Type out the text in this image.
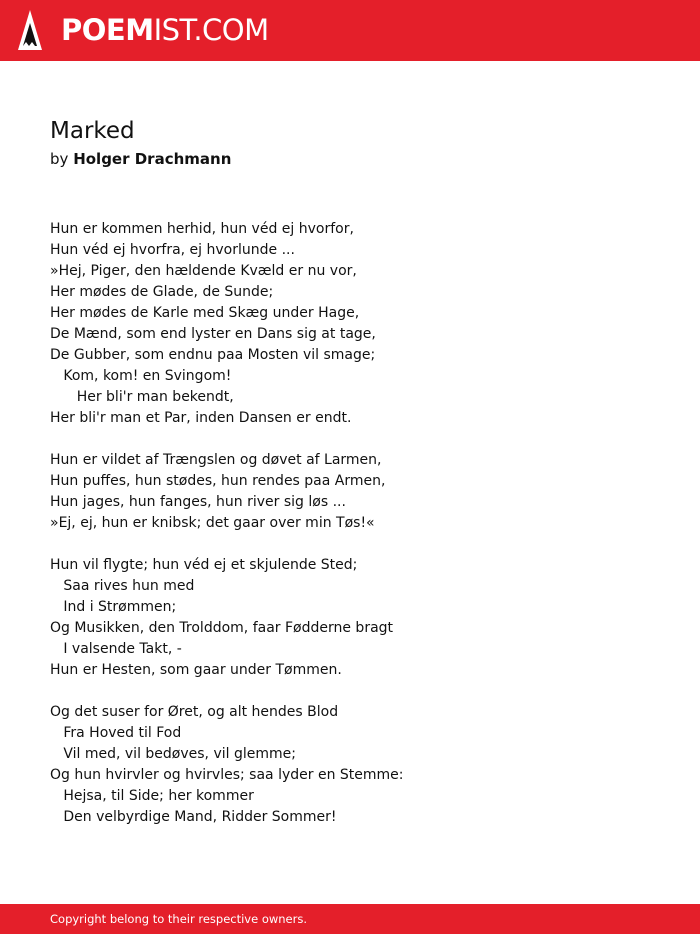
POEMIST.COM
Marked
by Holger Drachmann
Hun er kommen herhid, hun véd ej hvorfor,
Hun véd ej hvorfra, ej hvorlunde ...
»Hej, Piger, den hældende Kvæld er nu vor,
Her mødes de Glade, de Sunde;
Her mødes de Karle med Skæg under Hage,
De Mænd, som end lyster en Dans sig at tage,
De Gubber, som endnu paa Mosten vil smage;
Kom, kom! en Svingom!
Her bli'r man bekendt,
Her bli'r man et Par, inden Dansen er endt.
Hun er vildet af Trængslen og døvet af Larmen,
Hun puffes, hun stødes, hun rendes paa Armen,
Hun jages, hun fanges, hun river sig løs ...
»Ej, ej, hun er knibsk; det gaar over min Tøs!«
Hun vil flygte; hun véd ej et skjulende Sted;
Saa rives hun med
Ind i Strømmen;
Og Musikken, den Trolddom, faar Fødderne bragt
I valsende Takt, -
Hun er Hesten, som gaar under Tømmen.
Og det suser for Øret, og alt hendes Blod
Fra Hoved til Fod
Vil med, vil bedøves, vil glemme;
Og hun hvirvler og hvirvles; saa lyder en Stemme:
Hejsa, til Side; her kommer
Den velbyrdige Mand, Ridder Sommer!
Copyright belong to their respective owners.
